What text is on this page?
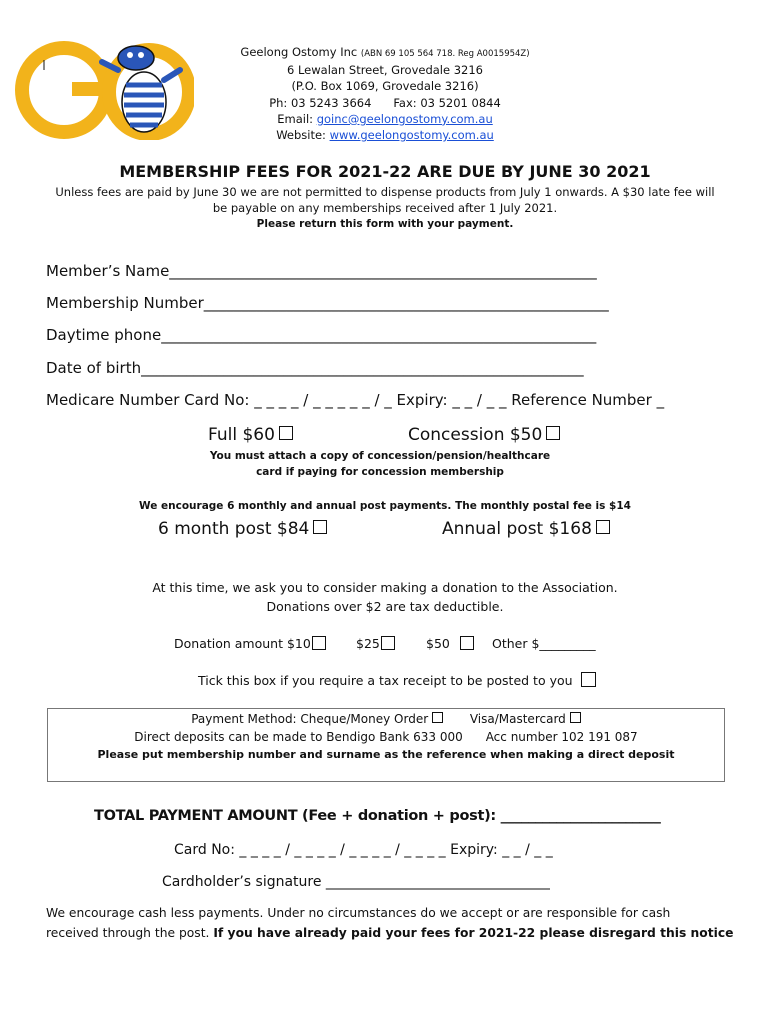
Geelong Ostomy Inc (ABN 69 105 564 718. Reg A0015954Z)
6 Lewalan Street, Grovedale 3216
(P.O. Box 1069, Grovedale 3216)
Ph: 03 5243 3664 Fax: 03 5201 0844
Email: goinc@geelongostomy.com.au
Website: www.geelongostomy.com.au
MEMBERSHIP FEES FOR 2021-22 ARE DUE BY JUNE 30 2021
Unless fees are paid by June 30 we are not permitted to dispense products from July 1 onwards. A $30 late fee will
be payable on any memberships received after 1 July 2021.
Please return this form with your payment.
Member’s Name_________________________________________________________
Membership Number______________________________________________________
Daytime phone__________________________________________________________
Date of birth___________________________________________________________
Medicare Number Card No: _ _ _ _ / _ _ _ _ _ / _ Expiry: _ _ / _ _ Reference Number _
Full $60	Concession $50
You must attach a copy of concession/pension/healthcare
card if paying for concession membership
We encourage 6 monthly and annual post payments. The monthly postal fee is $14
6 month post $84	Annual post $168
At this time, we ask you to consider making a donation to the Association.
Donations over $2 are tax deductible.
Donation amount $10	$25	$50	Other $_________
Tick this box if you require a tax receipt to be posted to you
Payment Method: Cheque/Money Order	Visa/Mastercard
Direct deposits can be made to Bendigo Bank 633 000 Acc number 102 191 087
Please put membership number and surname as the reference when making a direct deposit
TOTAL PAYMENT AMOUNT (Fee + donation + post): _______________________
Card No: _ _ _ _ / _ _ _ _ / _ _ _ _ / _ _ _ _ Expiry: _ _ / _ _
Cardholder’s signature ________________________________
We encourage cash less payments. Under no circumstances do we accept or are responsible for cash
received through the post. If you have already paid your fees for 2021-22 please disregard this notice
